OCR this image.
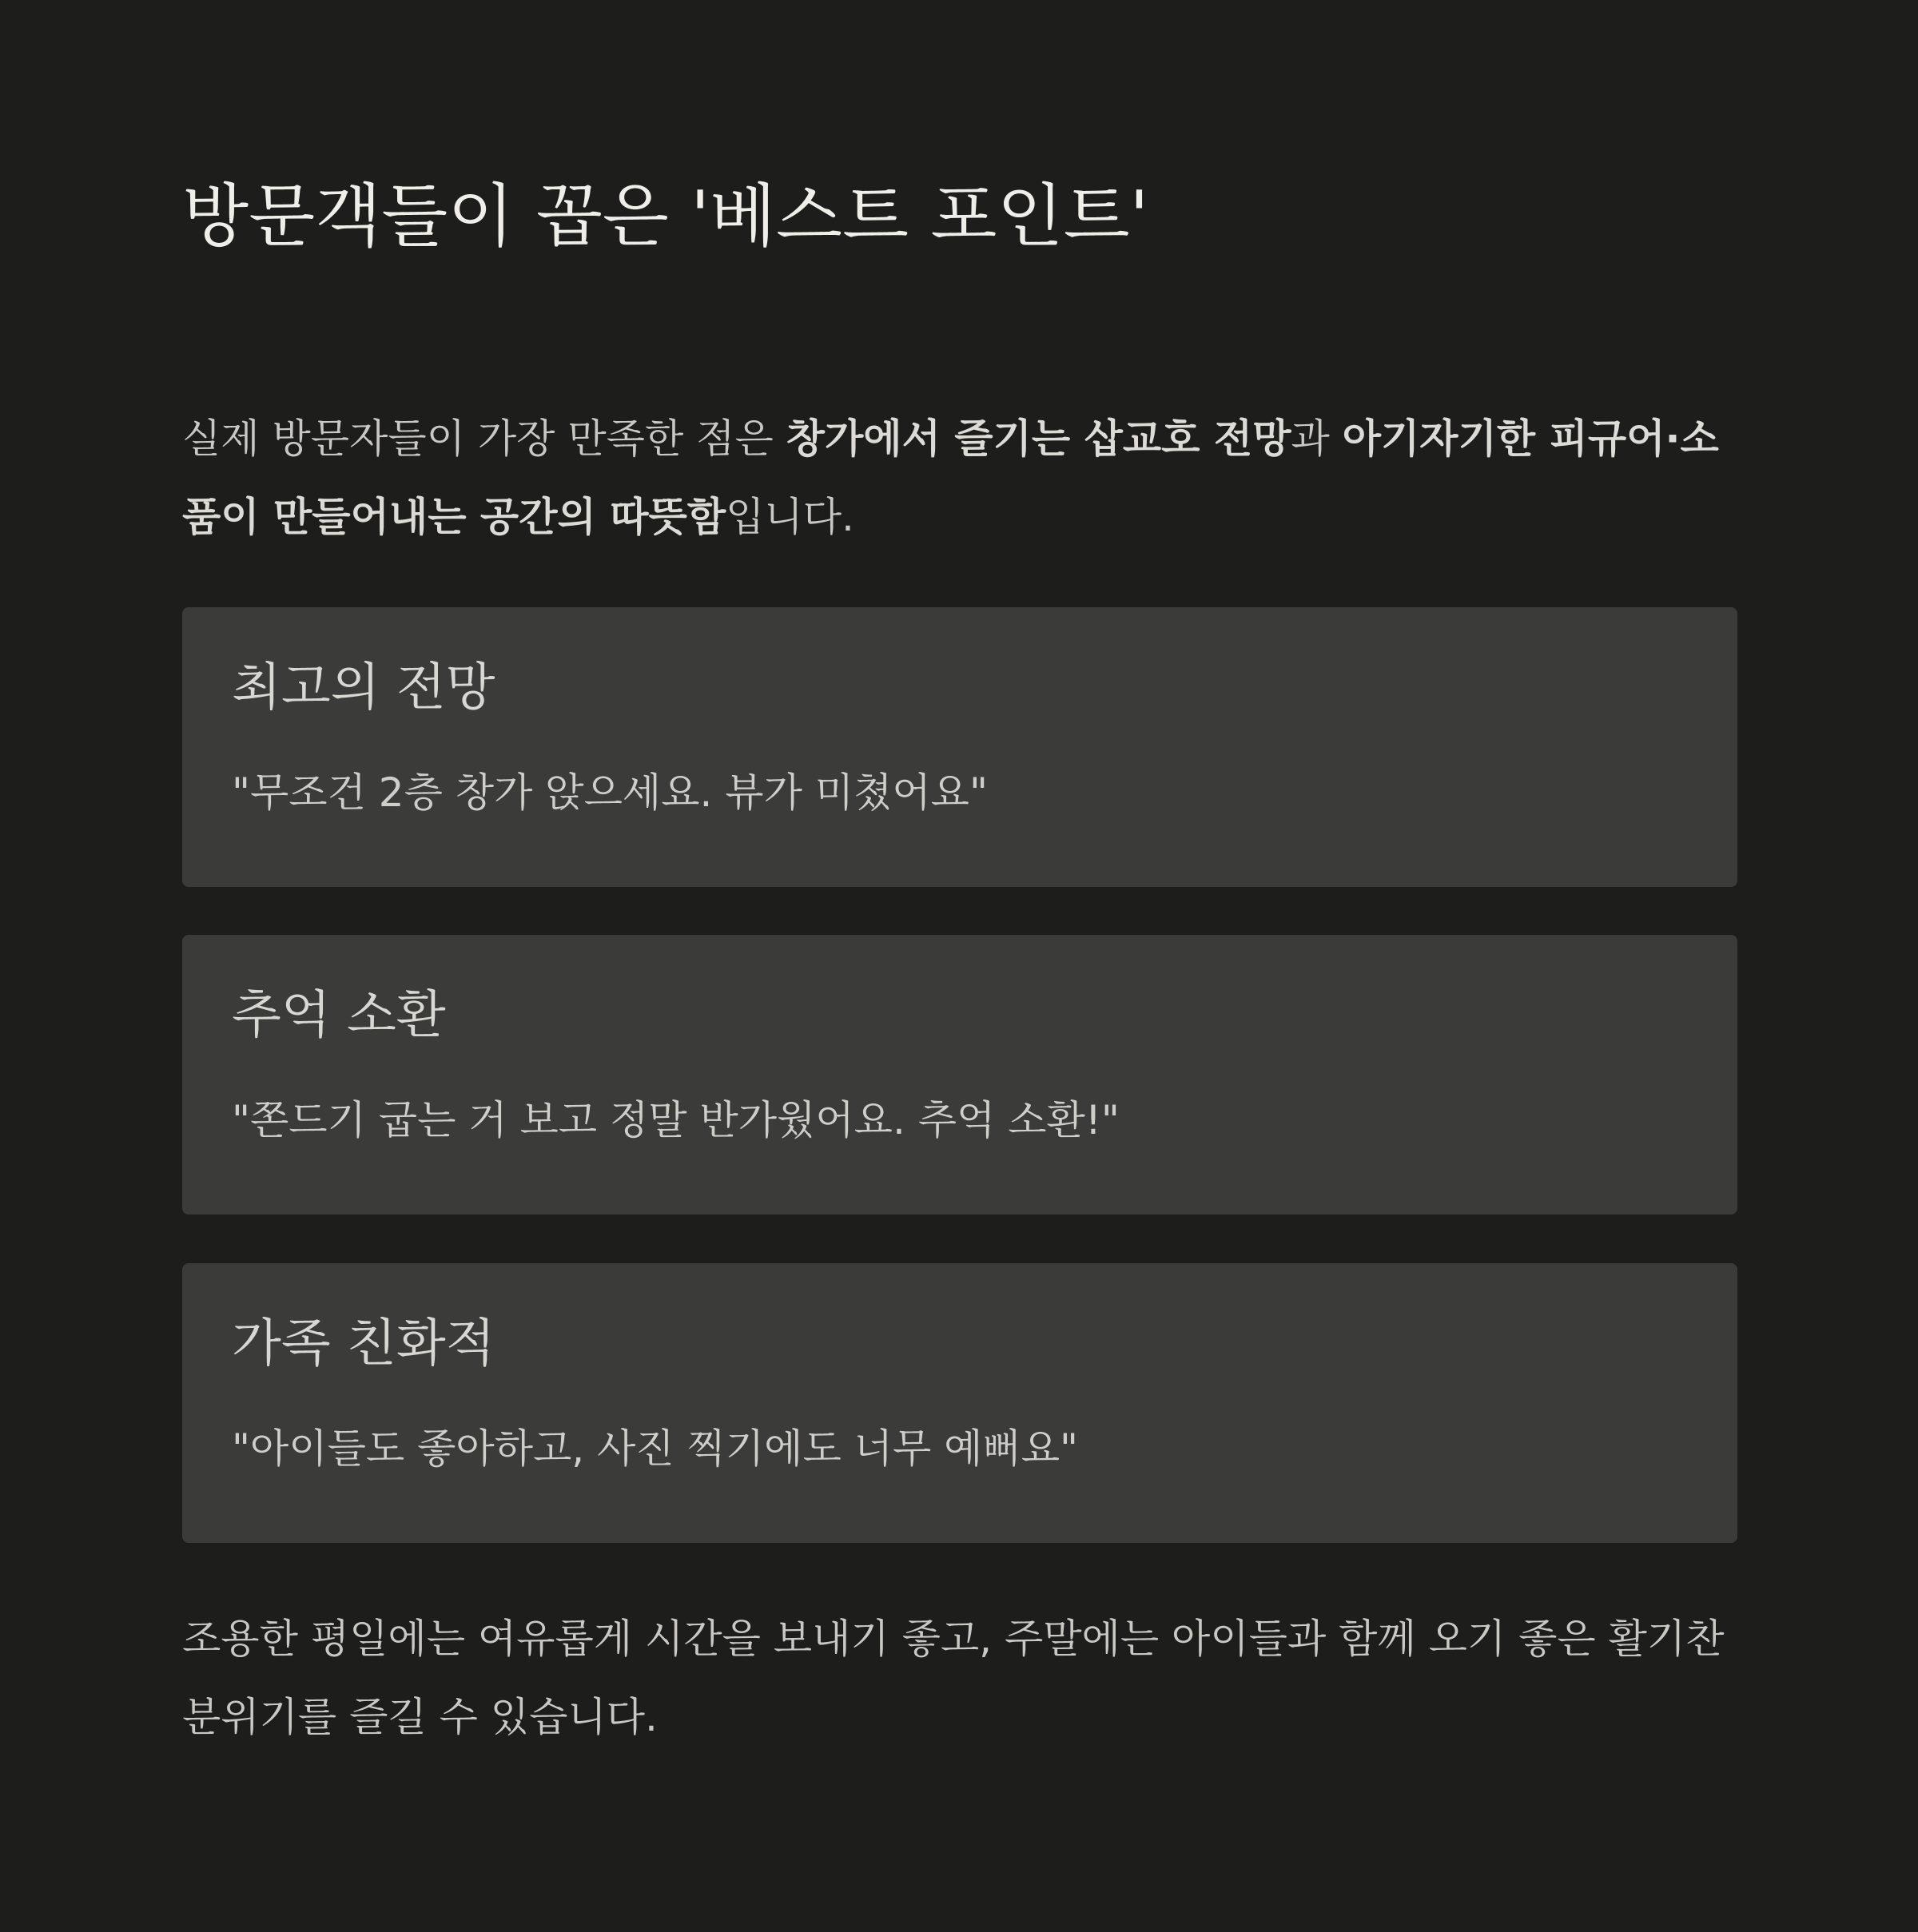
방문객들이 꼽은 '베스트 포인트'

실제 방문자들이 가장 만족한 점은 창가에서 즐기는 삽교호 전망과 아기자기한 피규어·소품이 만들어내는 공간의 따뜻함입니다.

최고의 전망

"무조건 2층 창가 앉으세요. 뷰가 미쳤어요"

추억 소환

"쫀드기 굽는 거 보고 정말 반가웠어요. 추억 소환!"

가족 친화적

"아이들도 좋아하고, 사진 찍기에도 너무 예뻐요"

조용한 평일에는 여유롭게 시간을 보내기 좋고, 주말에는 아이들과 함께 오기 좋은 활기찬 분위기를 즐길 수 있습니다.
